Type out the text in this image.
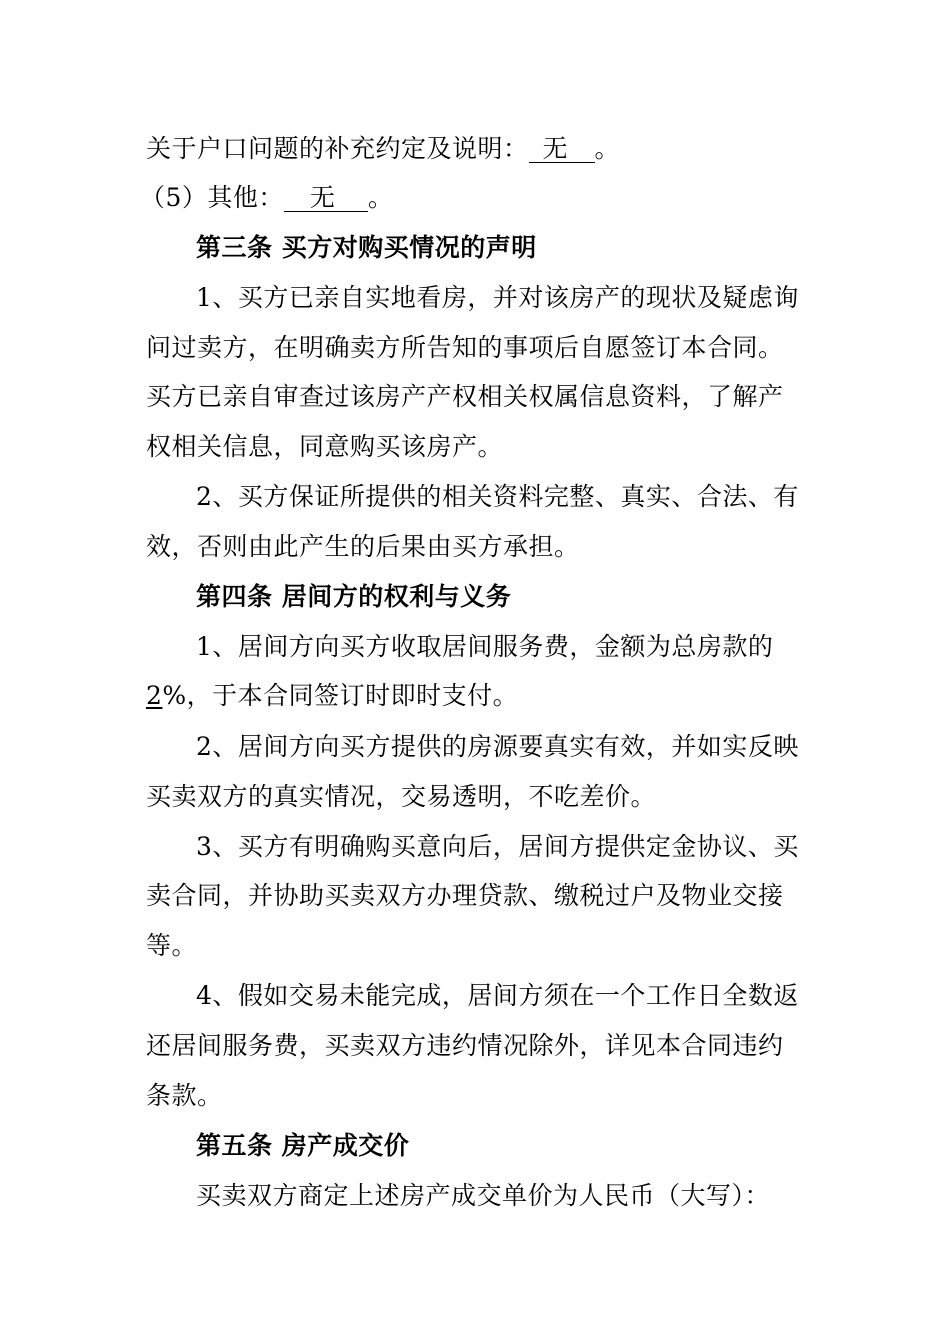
关于户口问题的补充约定及说明： 无 。
（5）其他： 无 。
第三条 买方对购买情况的声明
1、买方已亲自实地看房，并对该房产的现状及疑虑询
问过卖方，在明确卖方所告知的事项后自愿签订本合同。
买方已亲自审查过该房产产权相关权属信息资料，了解产
权相关信息，同意购买该房产。
2、买方保证所提供的相关资料完整、真实、合法、有
效，否则由此产生的后果由买方承担。
第四条 居间方的权利与义务
1、居间方向买方收取居间服务费，金额为总房款的
2%，于本合同签订时即时支付。
2、居间方向买方提供的房源要真实有效，并如实反映
买卖双方的真实情况，交易透明，不吃差价。
3、买方有明确购买意向后，居间方提供定金协议、买
卖合同，并协助买卖双方办理贷款、缴税过户及物业交接
等。
4、假如交易未能完成，居间方须在一个工作日全数返
还居间服务费，买卖双方违约情况除外，详见本合同违约
条款。
第五条 房产成交价
买卖双方商定上述房产成交单价为人民币（大写）：
